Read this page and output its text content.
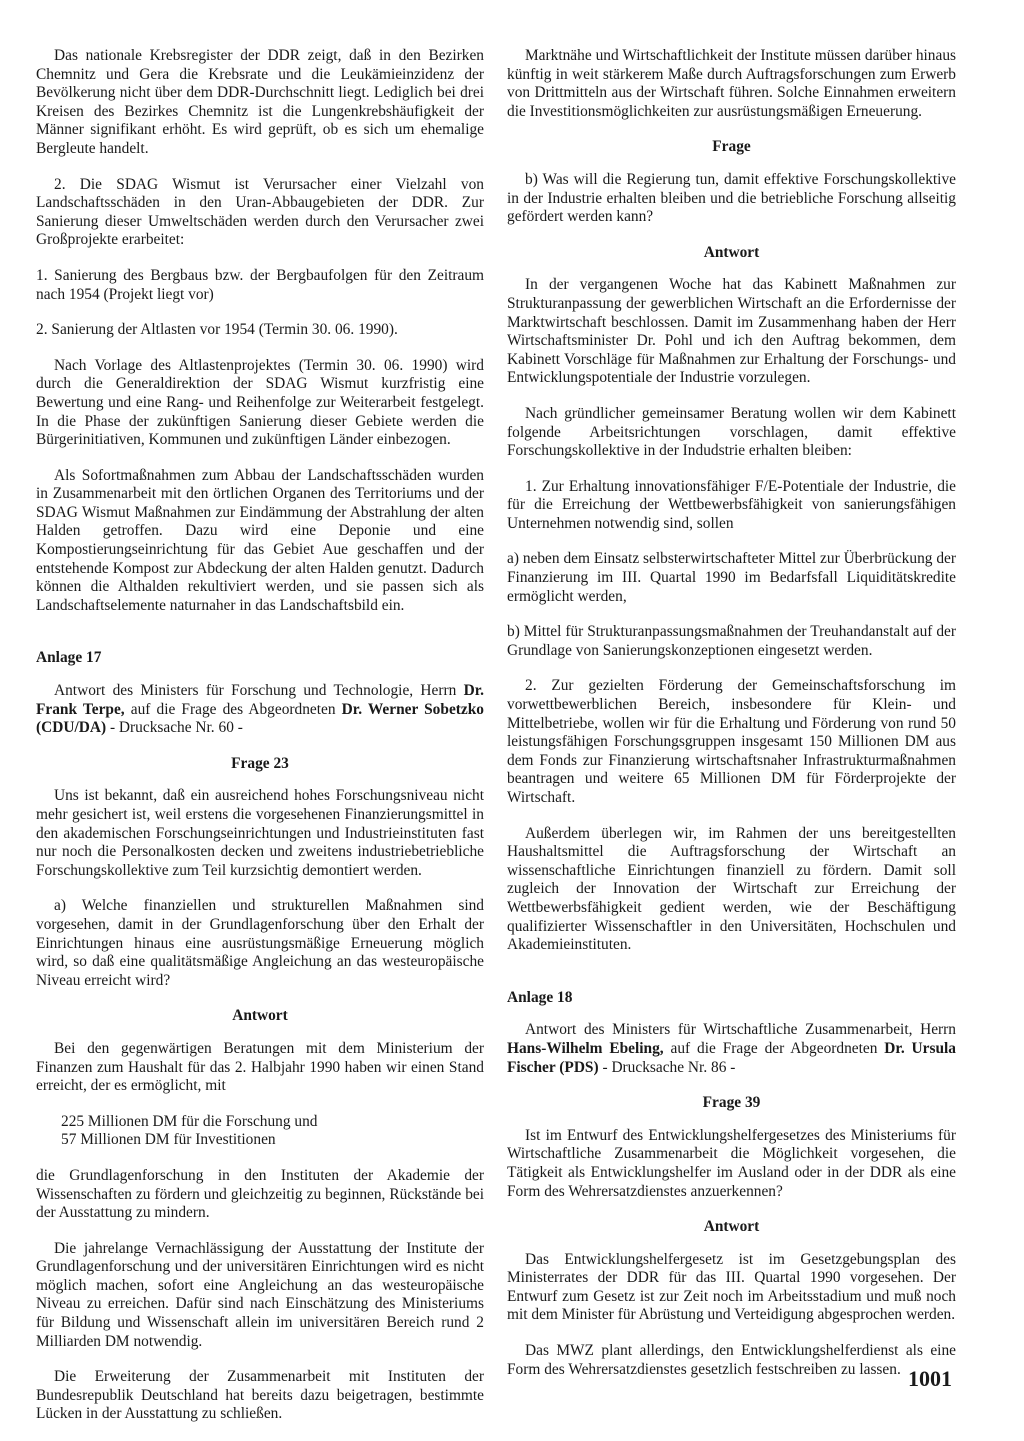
Das nationale Krebsregister der DDR zeigt, daß in den Bezirken Chemnitz und Gera die Krebsrate und die Leukämieinzidenz der Bevölkerung nicht über dem DDR-Durchschnitt liegt. Lediglich bei drei Kreisen des Bezirkes Chemnitz ist die Lungenkrebshäufigkeit der Männer signifikant erhöht. Es wird geprüft, ob es sich um ehemalige Bergleute handelt.

2. Die SDAG Wismut ist Verursacher einer Vielzahl von Landschaftsschäden in den Uran-Abbaugebieten der DDR. Zur Sanierung dieser Umweltschäden werden durch den Verursacher zwei Großprojekte erarbeitet:

1. Sanierung des Bergbaus bzw. der Bergbaufolgen für den Zeitraum nach 1954 (Projekt liegt vor)

2. Sanierung der Altlasten vor 1954 (Termin 30. 06. 1990).

Nach Vorlage des Altlastenprojektes (Termin 30. 06. 1990) wird durch die Generaldirektion der SDAG Wismut kurzfristig eine Bewertung und eine Rang- und Reihenfolge zur Weiterarbeit festgelegt. In die Phase der zukünftigen Sanierung dieser Gebiete werden die Bürgerinitiativen, Kommunen und zukünftigen Länder einbezogen.

Als Sofortmaßnahmen zum Abbau der Landschaftsschäden wurden in Zusammenarbeit mit den örtlichen Organen des Territoriums und der SDAG Wismut Maßnahmen zur Eindämmung der Abstrahlung der alten Halden getroffen. Dazu wird eine Deponie und eine Kompostierungseinrichtung für das Gebiet Aue geschaffen und der entstehende Kompost zur Abdeckung der alten Halden genutzt. Dadurch können die Althalden rekultiviert werden, und sie passen sich als Landschaftselemente naturnaher in das Landschaftsbild ein.

Anlage 17

Antwort des Ministers für Forschung und Technologie, Herrn Dr. Frank Terpe, auf die Frage des Abgeordneten Dr. Werner Sobetzko (CDU/DA) - Drucksache Nr. 60 -

Frage 23

Uns ist bekannt, daß ein ausreichend hohes Forschungsniveau nicht mehr gesichert ist, weil erstens die vorgesehenen Finanzierungsmittel in den akademischen Forschungseinrichtungen und Industrieinstituten fast nur noch die Personalkosten decken und zweitens industriebetriebliche Forschungskollektive zum Teil kurzsichtig demontiert werden.

a) Welche finanziellen und strukturellen Maßnahmen sind vorgesehen, damit in der Grundlagenforschung über den Erhalt der Einrichtungen hinaus eine ausrüstungsmäßige Erneuerung möglich wird, so daß eine qualitätsmäßige Angleichung an das westeuropäische Niveau erreicht wird?

Antwort

Bei den gegenwärtigen Beratungen mit dem Ministerium der Finanzen zum Haushalt für das 2. Halbjahr 1990 haben wir einen Stand erreicht, der es ermöglicht, mit

225 Millionen DM für die Forschung und
57 Millionen DM für Investitionen

die Grundlagenforschung in den Instituten der Akademie der Wissenschaften zu fördern und gleichzeitig zu beginnen, Rückstände bei der Ausstattung zu mindern.

Die jahrelange Vernachlässigung der Ausstattung der Institute der Grundlagenforschung und der universitären Einrichtungen wird es nicht möglich machen, sofort eine Angleichung an das westeuropäische Niveau zu erreichen. Dafür sind nach Einschätzung des Ministeriums für Bildung und Wissenschaft allein im universitären Bereich rund 2 Milliarden DM notwendig.

Die Erweiterung der Zusammenarbeit mit Instituten der Bundesrepublik Deutschland hat bereits dazu beigetragen, bestimmte Lücken in der Ausstattung zu schließen.

Marktnähe und Wirtschaftlichkeit der Institute müssen darüber hinaus künftig in weit stärkerem Maße durch Auftragsforschungen zum Erwerb von Drittmitteln aus der Wirtschaft führen. Solche Einnahmen erweitern die Investitionsmöglichkeiten zur ausrüstungsmäßigen Erneuerung.

Frage

b) Was will die Regierung tun, damit effektive Forschungskollektive in der Industrie erhalten bleiben und die betriebliche Forschung allseitig gefördert werden kann?

Antwort

In der vergangenen Woche hat das Kabinett Maßnahmen zur Strukturanpassung der gewerblichen Wirtschaft an die Erfordernisse der Marktwirtschaft beschlossen. Damit im Zusammenhang haben der Herr Wirtschaftsminister Dr. Pohl und ich den Auftrag bekommen, dem Kabinett Vorschläge für Maßnahmen zur Erhaltung der Forschungs- und Entwicklungspotentiale der Industrie vorzulegen.

Nach gründlicher gemeinsamer Beratung wollen wir dem Kabinett folgende Arbeitsrichtungen vorschlagen, damit effektive Forschungskollektive in der Indudstrie erhalten bleiben:

1. Zur Erhaltung innovationsfähiger F/E-Potentiale der Industrie, die für die Erreichung der Wettbewerbsfähigkeit von sanierungsfähigen Unternehmen notwendig sind, sollen

a) neben dem Einsatz selbsterwirtschafteter Mittel zur Überbrückung der Finanzierung im III. Quartal 1990 im Bedarfsfall Liquiditätskredite ermöglicht werden,

b) Mittel für Strukturanpassungsmaßnahmen der Treuhandanstalt auf der Grundlage von Sanierungskonzeptionen eingesetzt werden.

2. Zur gezielten Förderung der Gemeinschaftsforschung im vorwettbewerblichen Bereich, insbesondere für Klein- und Mittelbetriebe, wollen wir für die Erhaltung und Förderung von rund 50 leistungsfähigen Forschungsgruppen insgesamt 150 Millionen DM aus dem Fonds zur Finanzierung wirtschaftsnaher Infrastrukturmaßnahmen beantragen und weitere 65 Millionen DM für Förderprojekte der Wirtschaft.

Außerdem überlegen wir, im Rahmen der uns bereitgestellten Haushaltsmittel die Auftragsforschung der Wirtschaft an wissenschaftliche Einrichtungen finanziell zu fördern. Damit soll zugleich der Innovation der Wirtschaft zur Erreichung der Wettbewerbsfähigkeit gedient werden, wie der Beschäftigung qualifizierter Wissenschaftler in den Universitäten, Hochschulen und Akademieinstituten.

Anlage 18

Antwort des Ministers für Wirtschaftliche Zusammenarbeit, Herrn Hans-Wilhelm Ebeling, auf die Frage der Abgeordneten Dr. Ursula Fischer (PDS) - Drucksache Nr. 86 -

Frage 39

Ist im Entwurf des Entwicklungshelfergesetzes des Ministeriums für Wirtschaftliche Zusammenarbeit die Möglichkeit vorgesehen, die Tätigkeit als Entwicklungshelfer im Ausland oder in der DDR als eine Form des Wehrersatzdienstes anzuerkennen?

Antwort

Das Entwicklungshelfergesetz ist im Gesetzgebungsplan des Ministerrates der DDR für das III. Quartal 1990 vorgesehen. Der Entwurf zum Gesetz ist zur Zeit noch im Arbeitsstadium und muß noch mit dem Minister für Abrüstung und Verteidigung abgesprochen werden.

Das MWZ plant allerdings, den Entwicklungshelferdienst als eine Form des Wehrersatzdienstes gesetzlich festschreiben zu lassen. 1001
